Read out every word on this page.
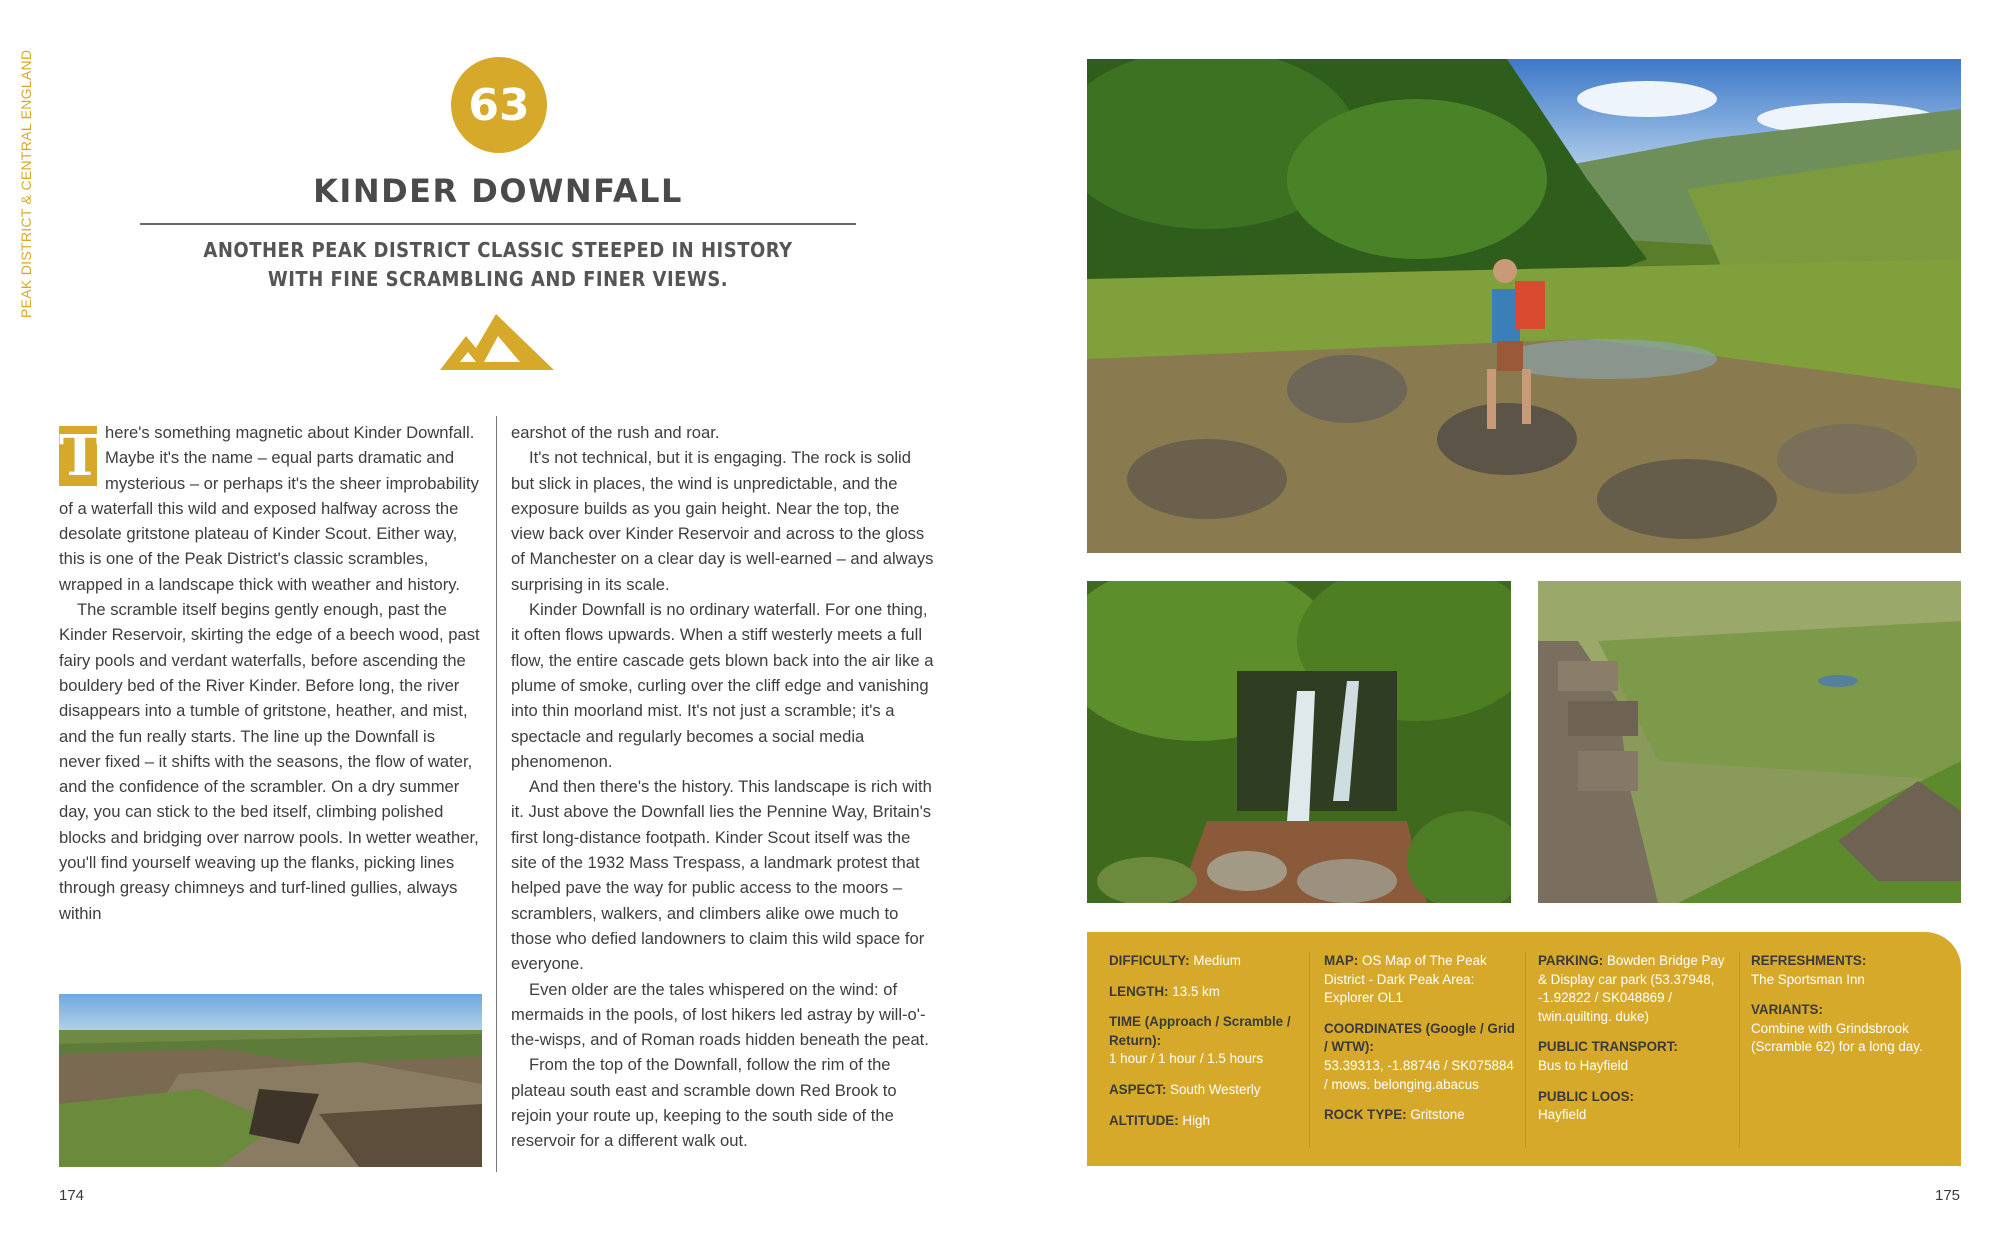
PEAK DISTRICT & CENTRAL ENGLAND	63
KINDER DOWNFALL
ANOTHER PEAK DISTRICT CLASSIC STEEPED IN HISTORY
WITH FINE SCRAMBLING AND FINER VIEWS.
T here's something magnetic about Kinder Downfall. Maybe it's the name – equal parts dramatic and mysterious – or perhaps it's the sheer improbability of a waterfall this wild and exposed halfway across the desolate gritstone plateau of Kinder Scout. Either way, this is one of the Peak District's classic scrambles, wrapped in a landscape thick with weather and history.

The scramble itself begins gently enough, past the Kinder Reservoir, skirting the edge of a beech wood, past fairy pools and verdant waterfalls, before ascending the bouldery bed of the River Kinder. Before long, the river disappears into a tumble of gritstone, heather, and mist, and the fun really starts. The line up the Downfall is never fixed – it shifts with the seasons, the flow of water, and the confidence of the scrambler. On a dry summer day, you can stick to the bed itself, climbing polished blocks and bridging over narrow pools. In wetter weather, you'll find yourself weaving up the flanks, picking lines through greasy chimneys and turf-lined gullies, always within

earshot of the rush and roar.

It's not technical, but it is engaging. The rock is solid but slick in places, the wind is unpredictable, and the exposure builds as you gain height. Near the top, the view back over Kinder Reservoir and across to the gloss of Manchester on a clear day is well-earned – and always surprising in its scale.

Kinder Downfall is no ordinary waterfall. For one thing, it often flows upwards. When a stiff westerly meets a full flow, the entire cascade gets blown back into the air like a plume of smoke, curling over the cliff edge and vanishing into thin moorland mist. It's not just a scramble; it's a spectacle and regularly becomes a social media phenomenon.

And then there's the history. This landscape is rich with it. Just above the Downfall lies the Pennine Way, Britain's first long-distance footpath. Kinder Scout itself was the site of the 1932 Mass Trespass, a landmark protest that helped pave the way for public access to the moors – scramblers, walkers, and climbers alike owe much to those who defied landowners to claim this wild space for everyone.

Even older are the tales whispered on the wind: of mermaids in the pools, of lost hikers led astray by will-o'-the-wisps, and of Roman roads hidden beneath the peat.

From the top of the Downfall, follow the rim of the plateau south east and scramble down Red Brook to rejoin your route up, keeping to the south side of the reservoir for a different walk out.

DIFFICULTY: Medium
LENGTH: 13.5 km
TIME (Approach / Scramble / Return):
1 hour / 1 hour / 1.5 hours
ASPECT: South Westerly
ALTITUDE: High
MAP: OS Map of The Peak District - Dark Peak Area: Explorer OL1
COORDINATES (Google / Grid / WTW):
53.39313, -1.88746 / SK075884 / mows. belonging.abacus
ROCK TYPE: Gritstone
PARKING: Bowden Bridge Pay & Display car park (53.37948, -1.92822 / SK048869 / twin.quilting. duke)
PUBLIC TRANSPORT:
Bus to Hayfield
PUBLIC LOOS:
Hayfield
REFRESHMENTS:
The Sportsman Inn
VARIANTS:
Combine with Grindsbrook (Scramble 62) for a long day.
174	175
